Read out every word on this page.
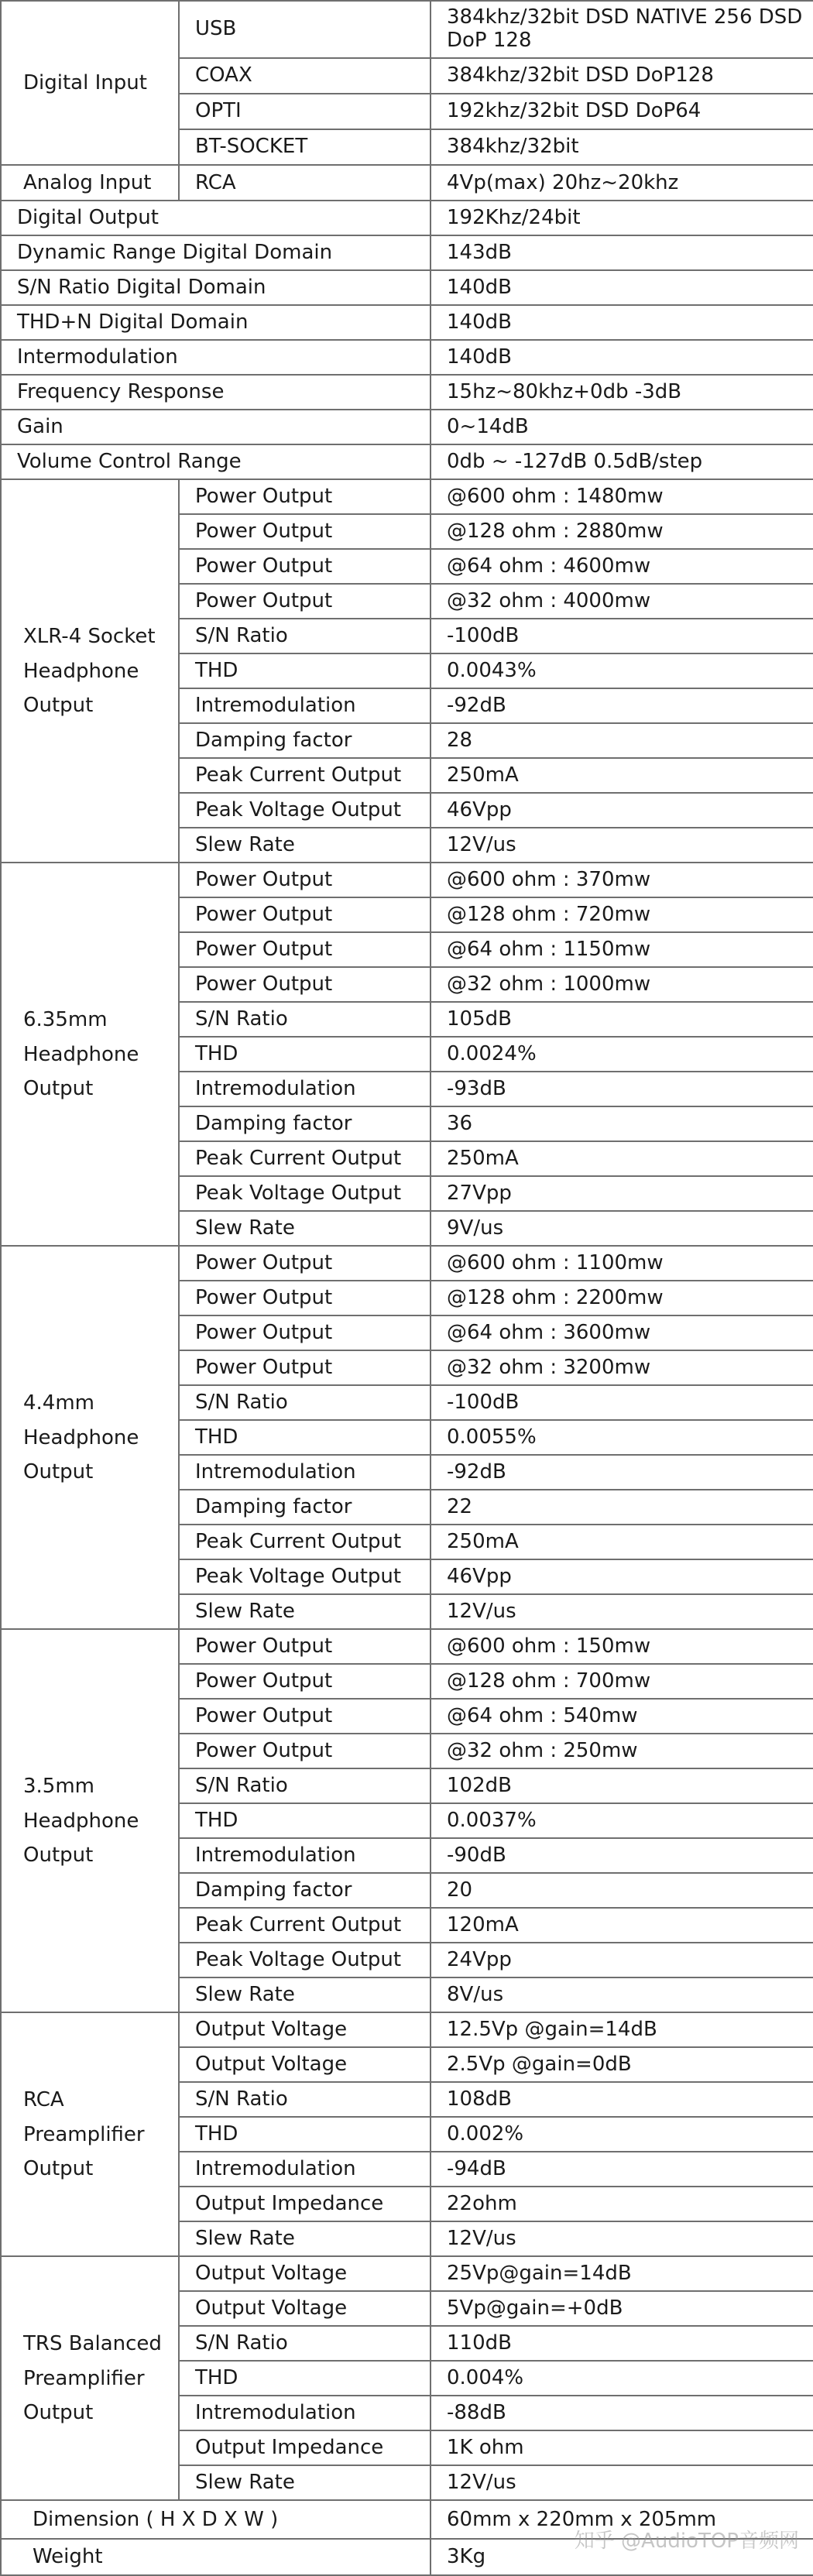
Digital Input	USB	384khz/32bit DSD NATIVE 256 DSD DoP 128
	COAX	384khz/32bit DSD DoP128
	OPTI	192khz/32bit DSD DoP64
	BT-SOCKET	384khz/32bit
Analog Input	RCA	4Vp(max) 20hz~20khz
Digital Output		192Khz/24bit
Dynamic Range Digital Domain		143dB
S/N Ratio Digital Domain		140dB
THD+N Digital Domain		140dB
Intermodulation		140dB
Frequency Response		15hz~80khz+0db -3dB
Gain		0~14dB
Volume Control Range		0db ~ -127dB 0.5dB/step
XLR-4 Socket Headphone Output	Power Output	@600 ohm : 1480mw
	Power Output	@128 ohm : 2880mw
	Power Output	@64 ohm : 4600mw
	Power Output	@32 ohm : 4000mw
	S/N Ratio	-100dB
	THD	0.0043%
	Intremodulation	-92dB
	Damping factor	28
	Peak Current Output	250mA
	Peak Voltage Output	46Vpp
	Slew Rate	12V/us
6.35mm Headphone Output	Power Output	@600 ohm : 370mw
	Power Output	@128 ohm : 720mw
	Power Output	@64 ohm : 1150mw
	Power Output	@32 ohm : 1000mw
	S/N Ratio	105dB
	THD	0.0024%
	Intremodulation	-93dB
	Damping factor	36
	Peak Current Output	250mA
	Peak Voltage Output	27Vpp
	Slew Rate	9V/us
4.4mm Headphone Output	Power Output	@600 ohm : 1100mw
	Power Output	@128 ohm : 2200mw
	Power Output	@64 ohm : 3600mw
	Power Output	@32 ohm : 3200mw
	S/N Ratio	-100dB
	THD	0.0055%
	Intremodulation	-92dB
	Damping factor	22
	Peak Current Output	250mA
	Peak Voltage Output	46Vpp
	Slew Rate	12V/us
3.5mm Headphone Output	Power Output	@600 ohm : 150mw
	Power Output	@128 ohm : 700mw
	Power Output	@64 ohm : 540mw
	Power Output	@32 ohm : 250mw
	S/N Ratio	102dB
	THD	0.0037%
	Intremodulation	-90dB
	Damping factor	20
	Peak Current Output	120mA
	Peak Voltage Output	24Vpp
	Slew Rate	8V/us
RCA Preamplifier Output	Output Voltage	12.5Vp @gain=14dB
	Output Voltage	2.5Vp @gain=0dB
	S/N Ratio	108dB
	THD	0.002%
	Intremodulation	-94dB
	Output Impedance	22ohm
	Slew Rate	12V/us
TRS Balanced Preamplifier Output	Output Voltage	25Vp@gain=14dB
	Output Voltage	5Vp@gain=+0dB
	S/N Ratio	110dB
	THD	0.004%
	Intremodulation	-88dB
	Output Impedance	1K ohm
	Slew Rate	12V/us
Dimension ( H X D X W )		60mm x 220mm x 205mm
Weight		3Kg
知乎 @AudioTOP音频网
